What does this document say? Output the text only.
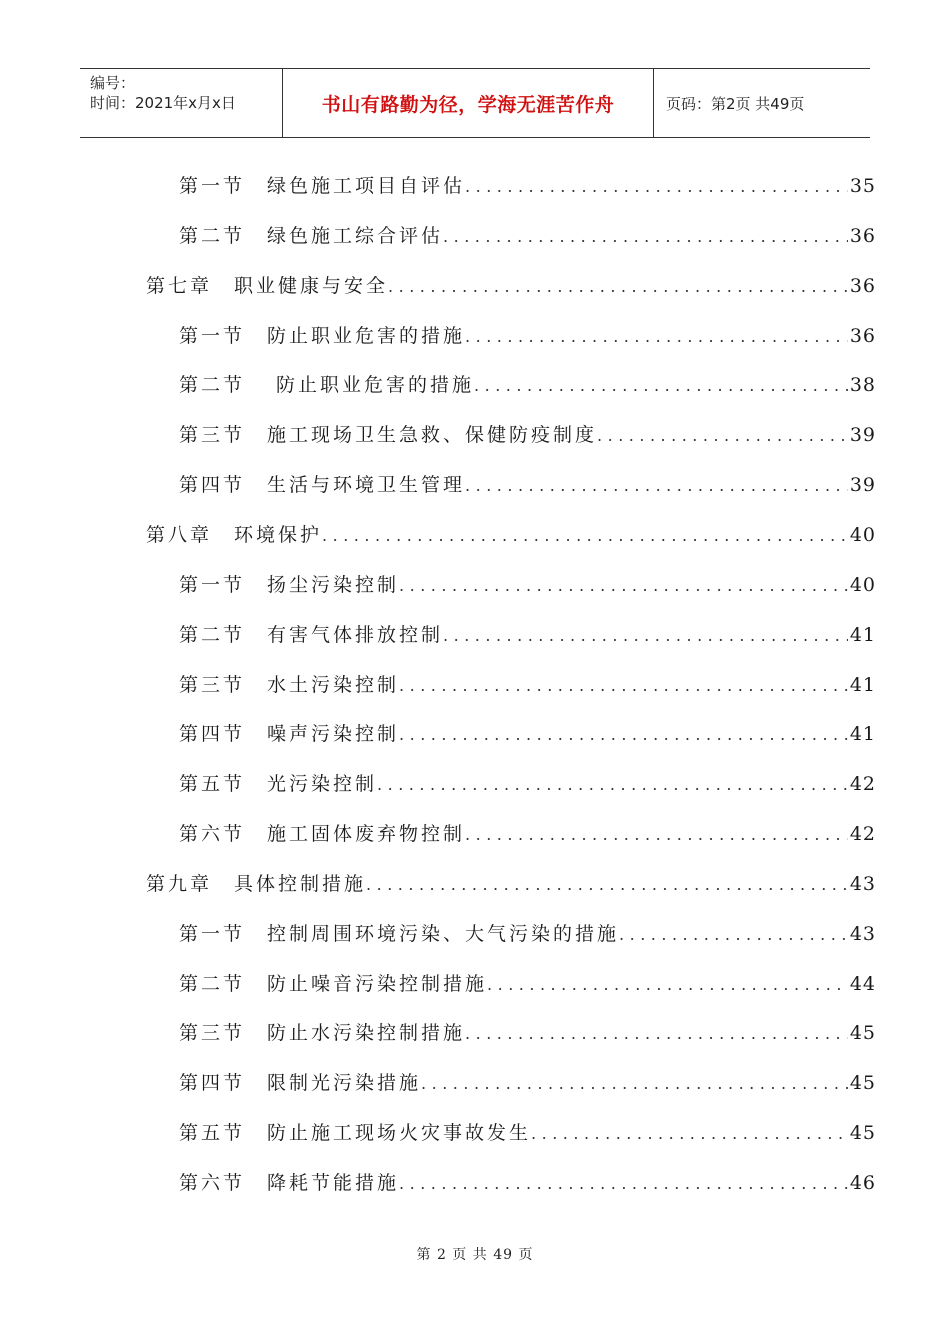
编号：
时间：2021年x月x日	书山有路勤为径，学海无涯苦作舟	页码：第2页 共49页
第一节　绿色施工项目自评估 .....	35
第二节　绿色施工综合评估 .....	36
第七章　职业健康与安全 .....	36
第一节　防止职业危害的措施 .....	36
第二节　 防止职业危害的措施 .....	38
第三节　施工现场卫生急救、保健防疫制度 .....	39
第四节　生活与环境卫生管理 .....	39
第八章　环境保护 .....	40
第一节　扬尘污染控制 .....	40
第二节　有害气体排放控制 .....	41
第三节　水土污染控制 .....	41
第四节　噪声污染控制 .....	41
第五节　光污染控制 .....	42
第六节　施工固体废弃物控制 .....	42
第九章　具体控制措施 .....	43
第一节　控制周围环境污染、大气污染的措施 .....	43
第二节　防止噪音污染控制措施 .....	44
第三节　防止水污染控制措施 .....	45
第四节　限制光污染措施 .....	45
第五节　防止施工现场火灾事故发生 .....	45
第六节　降耗节能措施 .....	46
第 2 页 共 49 页
